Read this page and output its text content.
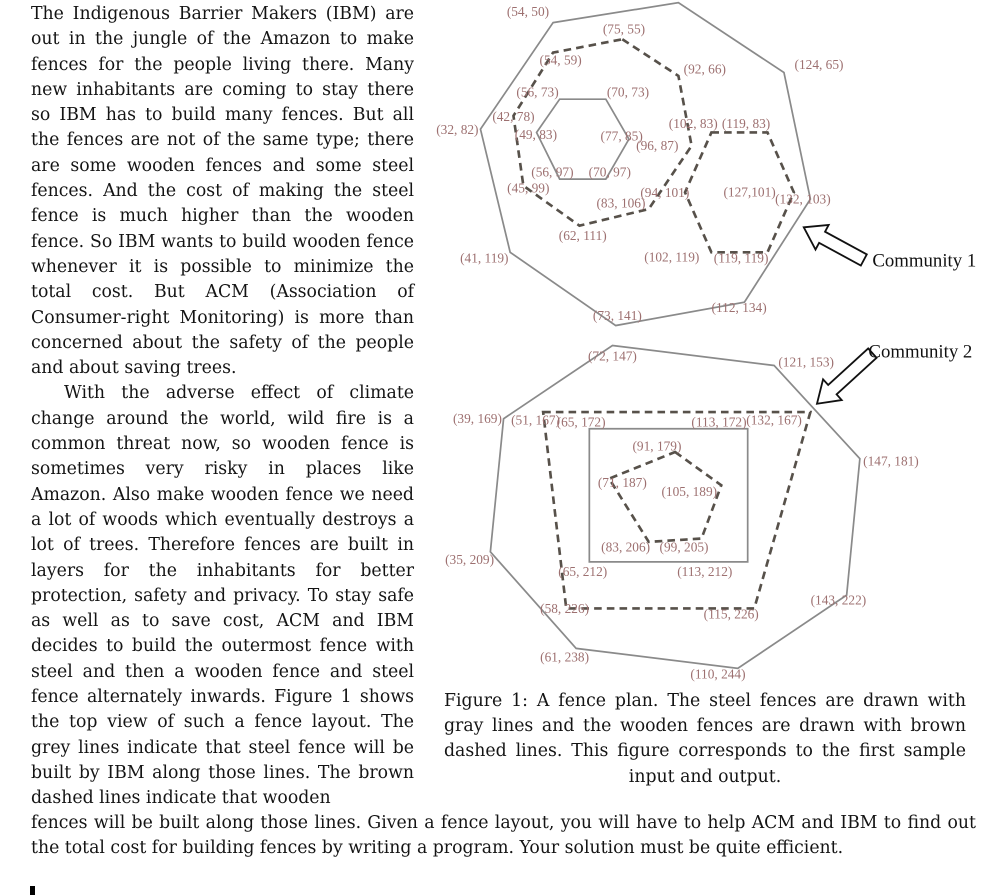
The Indigenous Barrier Makers (IBM) are out in the jungle of the Amazon to make fences for the people living there. Many new inhabitants are coming to stay there so IBM has to build many fences. But all the fences are not of the same type; there are some wooden fences and some steel fences. And the cost of making the steel fence is much higher than the wooden fence. So IBM wants to build wooden fence whenever it is possible to minimize the total cost. But ACM (Association of Consumer-right Monitoring) is more than concerned about the safety of the people and about saving trees.

With the adverse effect of climate change around the world, wild fire is a common threat now, so wooden fence is sometimes very risky in places like Amazon. Also make wooden fence we need a lot of woods which eventually destroys a lot of trees. Therefore fences are built in layers for the inhabitants for better protection, safety and privacy. To stay safe as well as to save cost, ACM and IBM decides to build the outermost fence with steel and then a wooden fence and steel fence alternately inwards. Figure 1 shows the top view of such a fence layout. The grey lines indicate that steel fence will be built by IBM along those lines. The brown dashed lines indicate that wooden

(54, 50)
(124, 65)
(132, 103)
(112, 134)
(73, 141)
(41, 119)
(32, 82)
(75, 55)
(92, 66)
(96, 87)
(83, 106)
(62, 111)
(45, 99)
(42, 78)
(54, 59)
(56, 73)	(70, 73)
(49, 83)	(77, 85)
(56, 97)	(70, 97)
(102, 83) (119, 83)
(127,101)
(119, 119)
(102, 119)
(94, 101)
(72, 147)	(121, 153)
(147, 181)
(143, 222)
(110, 244)
(61, 238)
(35, 209)
(39, 169) (51, 167)	(132, 167)
(115, 226)
(58, 226)
(65, 172)	(113, 172)
(65, 212)	(113, 212)
(91, 179)
(105, 189)
(99, 205)
(83, 206)
(71, 187)
Community 1
Community 2
Figure 1: A fence plan. The steel fences are drawn with gray lines and the wooden fences are drawn with brown dashed lines. This figure corresponds to the first sample input and output.
fences will be built along those lines. Given a fence layout, you will have to help ACM and IBM to find out the total cost for building fences by writing a program. Your solution must be quite efficient.
